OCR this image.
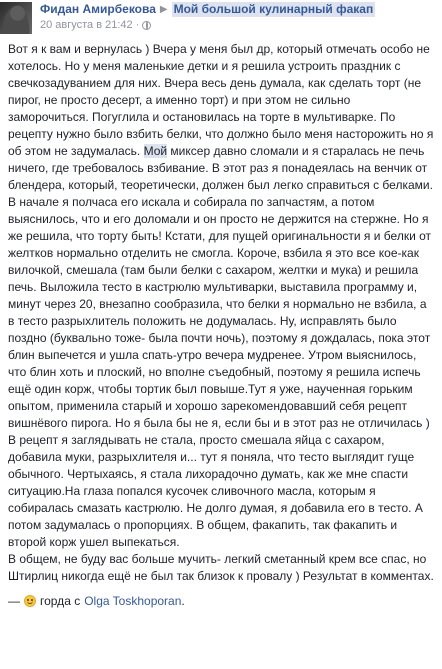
Фидан Амирбекова ▶ Мой большой кулинарный факап
20 августа в 21:42 ·
Вот я к вам и вернулась ) Вчера у меня был др, который отмечать особо не хотелось. Но у меня маленькие детки и я решила устроить праздник с свечкозадуванием для них. Вчера весь день думала, как сделать торт (не пирог, не просто десерт, а именно торт) и при этом не сильно заморочиться. Погуглила и остановилась на торте в мультиварке. По рецепту нужно было взбить белки, что должно было меня насторожить но я об этом не задумалась. Мой миксер давно сломали и я старалась не печь ничего, где требовалось взбивание. В этот раз я понадеялась на венчик от блендера, который, теоретически, должен был легко справиться с белками. В начале я полчаса его искала и собирала по запчастям, а потом выяснилось, что и его доломали и он просто не держится на стержне. Но я же решила, что торту быть! Кстати, для пущей оригинальности я и белки от желтков нормально отделить не смогла. Короче, взбила я это все кое-как вилочкой, смешала (там были белки с сахаром, желтки и мука) и решила печь. Выложила тесто в кастрюлю мультиварки, выставила программу и, минут через 20, внезапно сообразила, что белки я нормально не взбила, а в тесто разрыхлитель положить не додумалась. Ну, исправлять было поздно (буквально тоже- была почти ночь), поэтому я дождалась, пока этот блин выпечется и ушла спать-утро вечера мудренее. Утром выяснилось, что блин хоть и плоский, но вполне съедобный, поэтому я решила испечь ещё один корж, чтобы тортик был повыше.Тут я уже, наученная горьким опытом, применила старый и хорошо зарекомендовавший себя рецепт вишнёвого пирога. Но я была бы не я, если бы и в этот раз не отличилась ) В рецепт я заглядывать не стала, просто смешала яйца с сахаром, добавила муки, разрыхлителя и... тут я поняла, что тесто выглядит гуще обычного. Чертыхаясь, я стала лихорадочно думать, как же мне спасти ситуацию.На глаза попался кусочек сливочного масла, которым я собиралась смазать кастрюлю. Не долго думая, я добавила его в тесто. А потом задумалась о пропорциях. В общем, факапить, так факапить и второй корж ушел выпекаться.
В общем, не буду вас больше мучить- легкий сметанный крем все спас, но Штирлиц никогда ещё не был так близок к провалу ) Результат в комментах.
— горда с Olga Toskhoporan .
